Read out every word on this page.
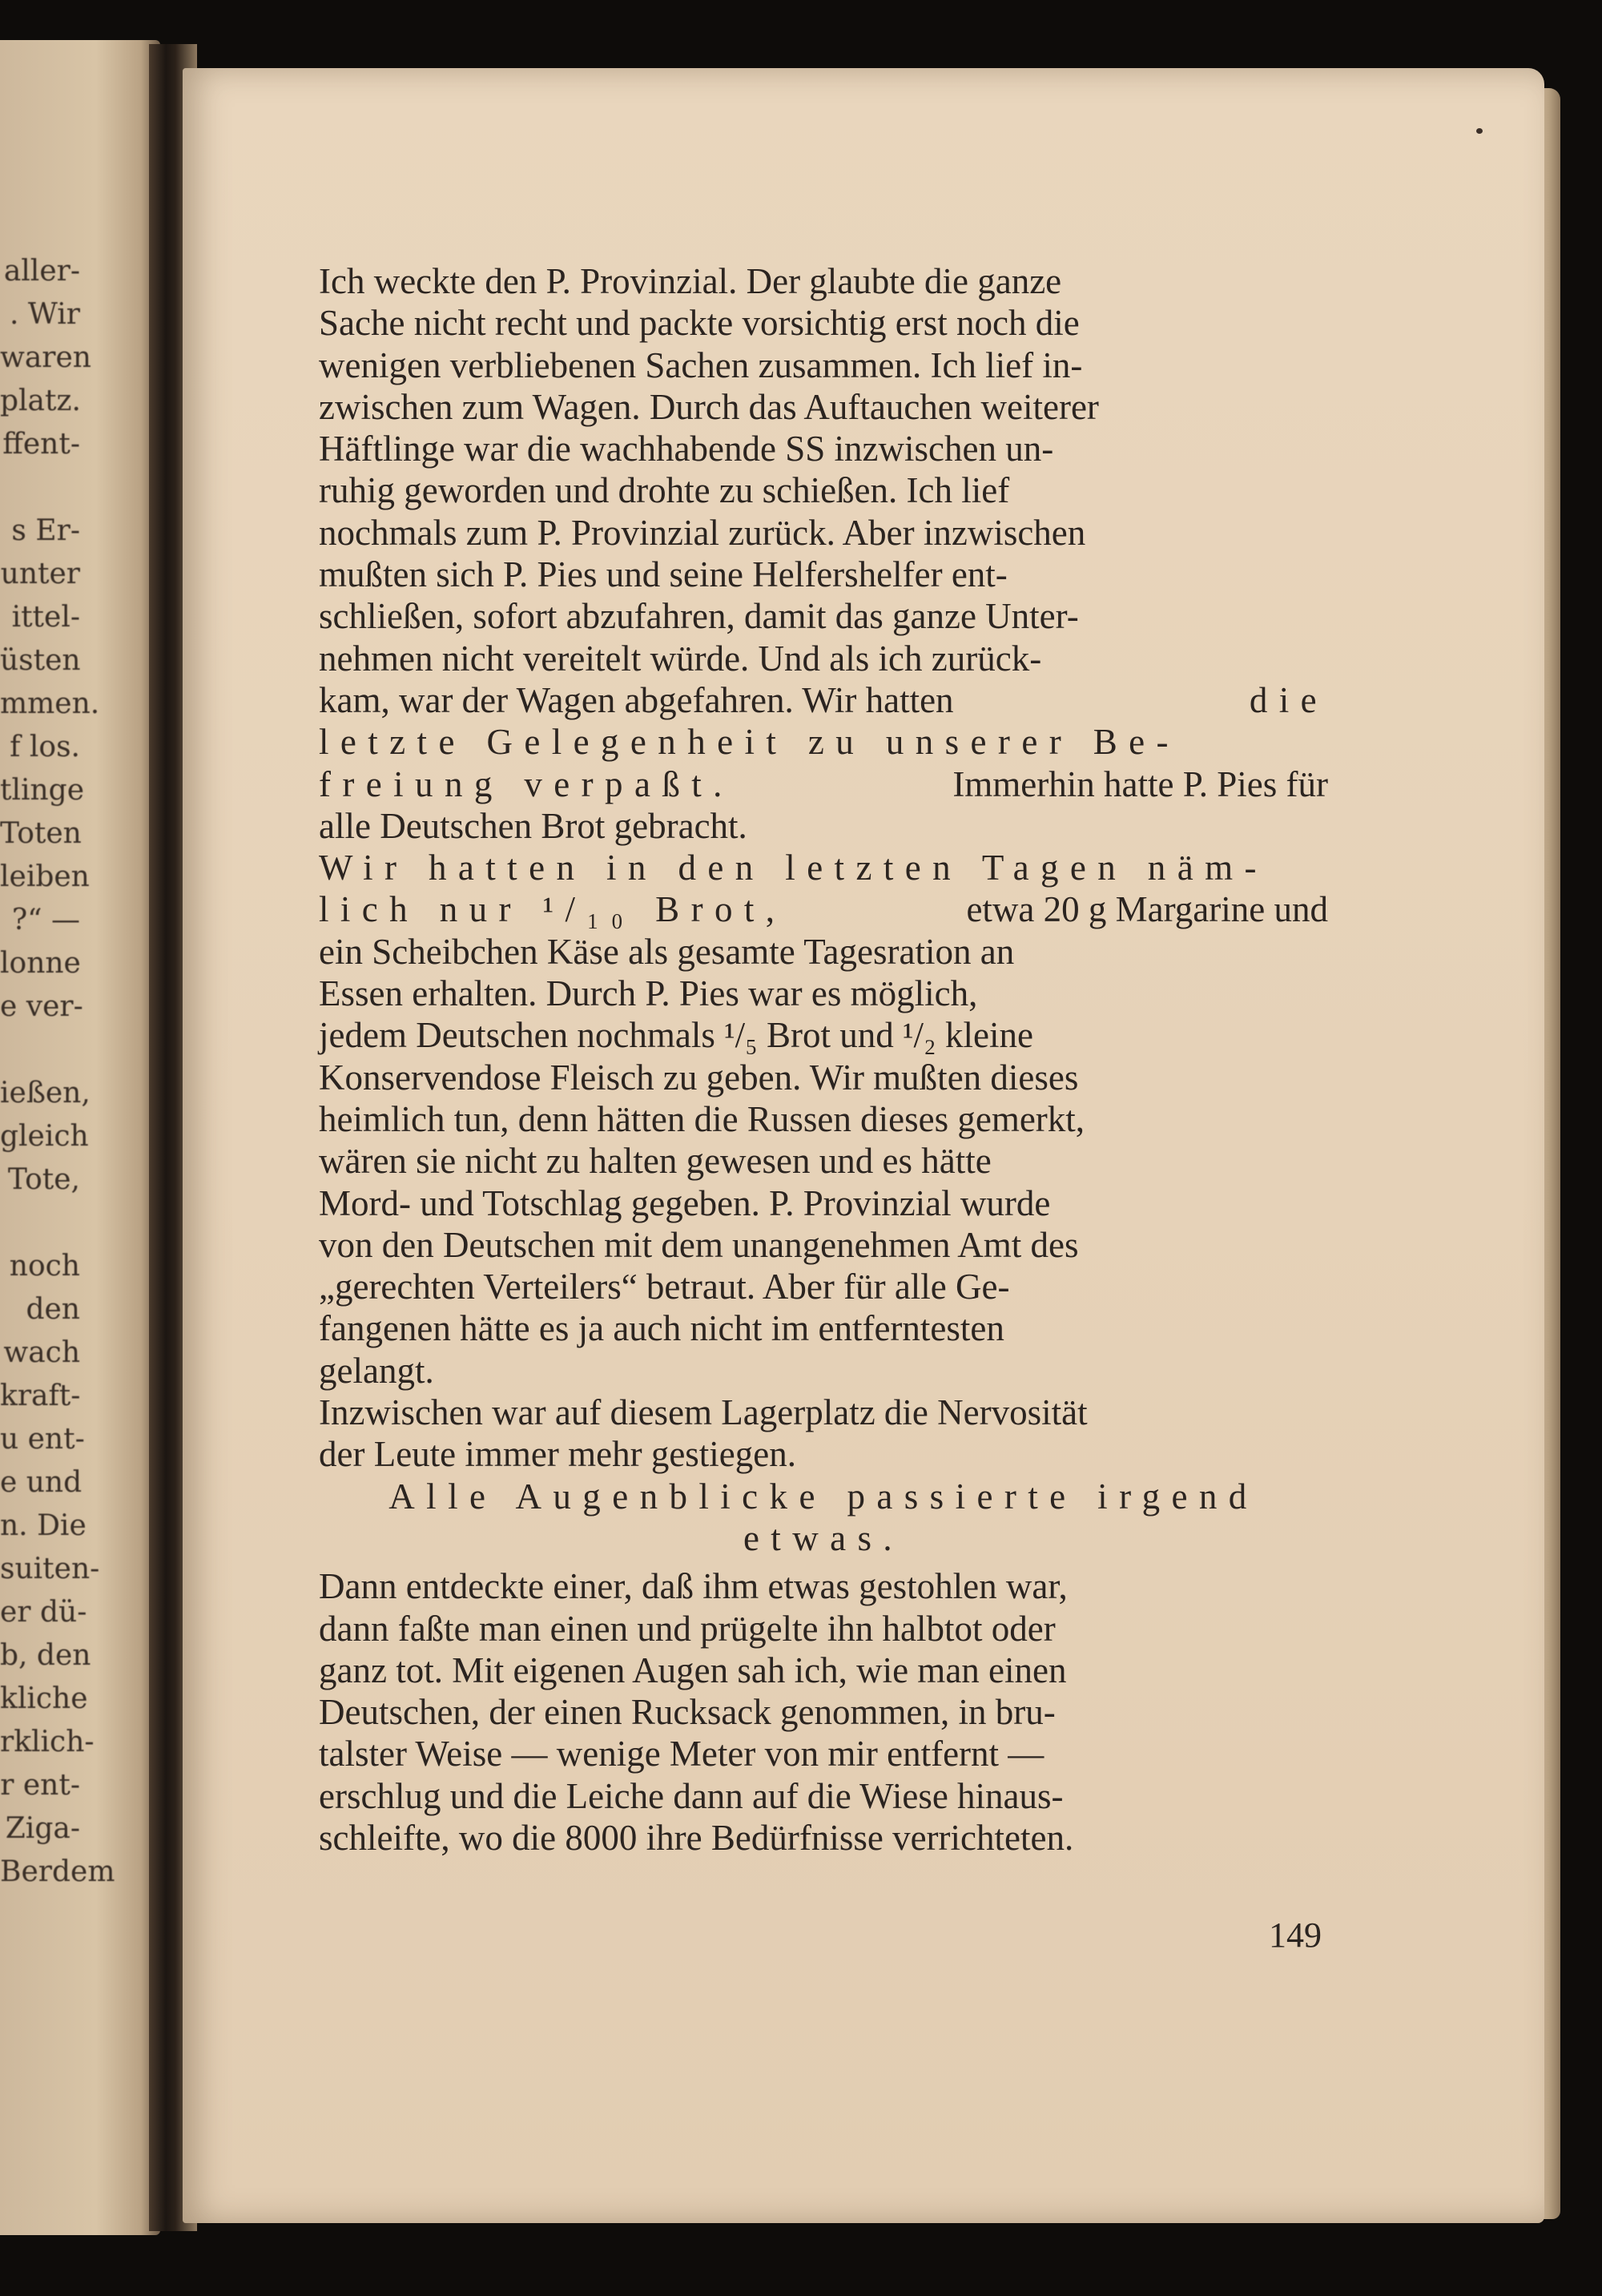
aller-
. Wir
waren
platz.
ffent-
s Er-
unter
ittel-
üsten
mmen.
f los.
tlinge
Toten
leiben
?“ —
lonne
e ver-
ießen,
gleich
Tote,
noch
den
wach
kraft-
u ent-
e und
n. Die
suiten-
er dü-
b, den
kliche
rklich-
r ent-
Ziga-
Berdem
Ich weckte den P. Provinzial. Der glaubte die ganze
Sache nicht recht und packte vorsichtig erst noch die
wenigen verbliebenen Sachen zusammen. Ich lief in-
zwischen zum Wagen. Durch das Auftauchen weiterer
Häftlinge war die wachhabende SS inzwischen un-
ruhig geworden und drohte zu schießen. Ich lief
nochmals zum P. Provinzial zurück. Aber inzwischen
mußten sich P. Pies und seine Helfershelfer ent-
schließen, sofort abzufahren, damit das ganze Unter-
nehmen nicht vereitelt würde. Und als ich zurück-
kam, war der Wagen abgefahren. Wir hatten	die
letzte Gelegenheit zu unserer Be-
freiung verpaßt.	Immerhin hatte P. Pies für
alle Deutschen Brot gebracht.
Wir hatten in den letzten Tagen näm-
lich nur ¹/₁₀ Brot,	etwa 20 g Margarine und
ein Scheibchen Käse als gesamte Tagesration an
Essen erhalten. Durch P. Pies war es möglich,
jedem Deutschen nochmals ¹/₅ Brot und ¹/₂ kleine
Konservendose Fleisch zu geben. Wir mußten dieses
heimlich tun, denn hätten die Russen dieses gemerkt,
wären sie nicht zu halten gewesen und es hätte
Mord- und Totschlag gegeben. P. Provinzial wurde
von den Deutschen mit dem unangenehmen Amt des
„gerechten Verteilers“ betraut. Aber für alle Ge-
fangenen hätte es ja auch nicht im entferntesten
gelangt.
Inzwischen war auf diesem Lagerplatz die Nervosität
der Leute immer mehr gestiegen.
Alle Augenblicke passierte irgend
etwas.
Dann entdeckte einer, daß ihm etwas gestohlen war,
dann faßte man einen und prügelte ihn halbtot oder
ganz tot. Mit eigenen Augen sah ich, wie man einen
Deutschen, der einen Rucksack genommen, in bru-
talster Weise — wenige Meter von mir entfernt —
erschlug und die Leiche dann auf die Wiese hinaus-
schleifte, wo die 8000 ihre Bedürfnisse verrichteten.
149
